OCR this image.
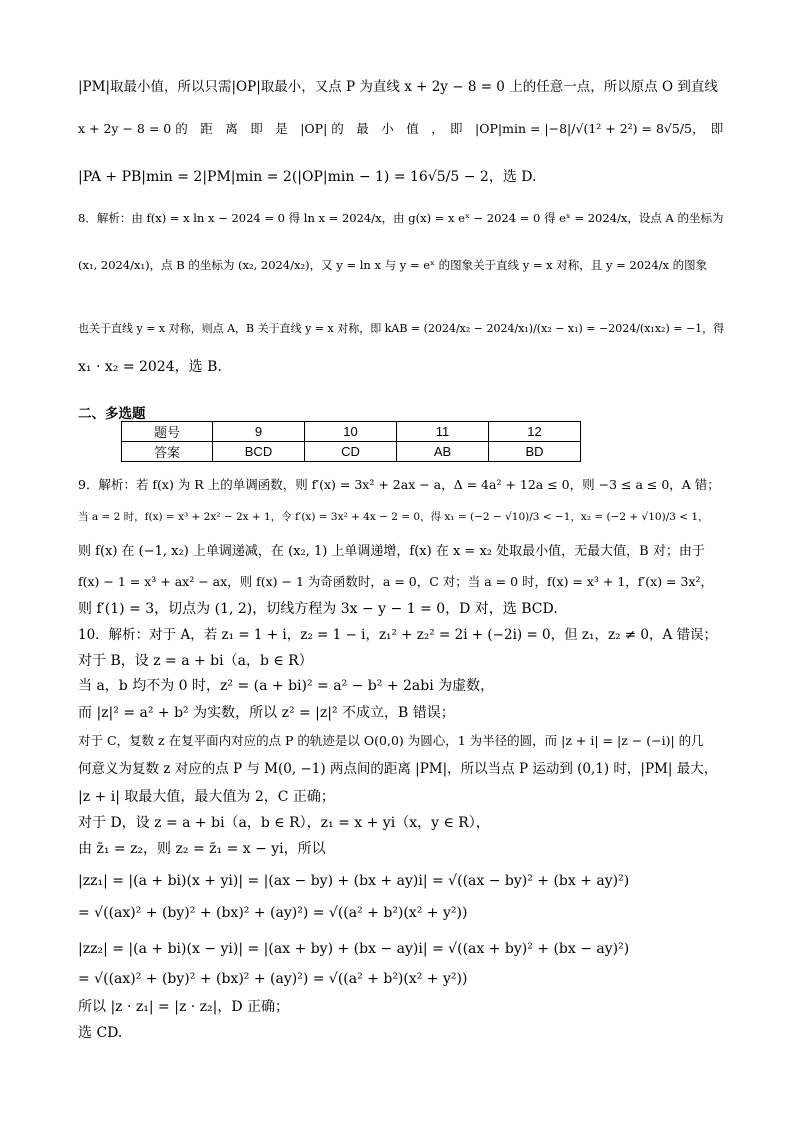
|PM|取最小值，所以只需|OP|取最小，又点 P 为直线 x + 2y − 8 = 0 上的任意一点，所以原点 O 到直线
x + 2y − 8 = 0 的　距　离　即　是　|OP| 的　最　小　值　，　即　|OP|min = |−8|/√(1² + 2²) = 8√5/5，　即
|PA + PB|min = 2|PM|min = 2(|OP|min − 1) = 16√5/5 − 2，选 D.
8．解析：由 f(x) = x ln x − 2024 = 0 得 ln x = 2024/x，由 g(x) = x eˣ − 2024 = 0 得 eˣ = 2024/x，设点 A 的坐标为
(x₁, 2024/x₁)，点 B 的坐标为 (x₂, 2024/x₂)，又 y = ln x 与 y = eˣ 的图象关于直线 y = x 对称，且 y = 2024/x 的图象
也关于直线 y = x 对称，则点 A，B 关于直线 y = x 对称，即 kAB = (2024/x₂ − 2024/x₁)/(x₂ − x₁) = −2024/(x₁x₂) = −1，得
x₁ · x₂ = 2024，选 B.
9．解析：若 f(x) 为 R 上的单调函数，则 f′(x) = 3x² + 2ax − a，Δ = 4a² + 12a ≤ 0，则 −3 ≤ a ≤ 0，A 错；
当 a = 2 时，f(x) = x³ + 2x² − 2x + 1，令 f′(x) = 3x² + 4x − 2 = 0，得 x₁ = (−2 − √10)/3 < −1，x₂ = (−2 + √10)/3 < 1，
则 f(x) 在 (−1, x₂) 上单调递减，在 (x₂, 1) 上单调递增，f(x) 在 x = x₂ 处取最小值，无最大值，B 对；由于
f(x) − 1 = x³ + ax² − ax，则 f(x) − 1 为奇函数时，a = 0，C 对；当 a = 0 时，f(x) = x³ + 1，f′(x) = 3x²，
则 f′(1) = 3，切点为 (1, 2)，切线方程为 3x − y − 1 = 0，D 对，选 BCD.
10．解析：对于 A，若 z₁ = 1 + i，z₂ = 1 − i，z₁² + z₂² = 2i + (−2i) = 0，但 z₁，z₂ ≠ 0，A 错误；
对于 B，设 z = a + bi（a，b ∈ R）
当 a，b 均不为 0 时，z² = (a + bi)² = a² − b² + 2abi 为虚数，
而 |z|² = a² + b² 为实数，所以 z² = |z|² 不成立，B 错误；
对于 C，复数 z 在复平面内对应的点 P 的轨迹是以 O(0,0) 为圆心，1 为半径的圆，而 |z + i| = |z − (−i)| 的几
何意义为复数 z 对应的点 P 与 M(0, −1) 两点间的距离 |PM|，所以当点 P 运动到 (0,1) 时，|PM| 最大，
|z + i| 取最大值，最大值为 2，C 正确；
对于 D，设 z = a + bi（a，b ∈ R），z₁ = x + yi（x，y ∈ R），
由 z̄₁ = z₂，则 z₂ = z̄₁ = x − yi，所以
|zz₁| = |(a + bi)(x + yi)| = |(ax − by) + (bx + ay)i| = √((ax − by)² + (bx + ay)²)
= √((ax)² + (by)² + (bx)² + (ay)²) = √((a² + b²)(x² + y²))
|zz₂| = |(a + bi)(x − yi)| = |(ax + by) + (bx − ay)i| = √((ax + by)² + (bx − ay)²)
= √((ax)² + (by)² + (bx)² + (ay)²) = √((a² + b²)(x² + y²))
所以 |z · z₁| = |z · z₂|，D 正确；
选 CD.
二、多选题
题号	9	10	11	12
答案	BCD	CD	AB	BD
